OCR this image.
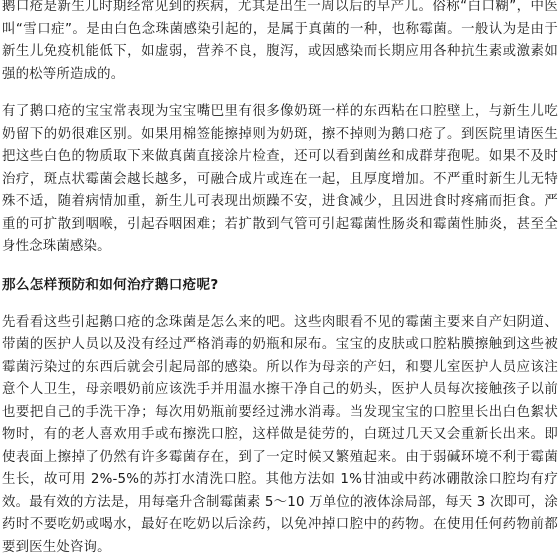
鹅口疮是新生儿时期经常见到的疾病，尤其是出生一周以后的早产儿。俗称“白口糊”，中医叫“雪口症”。是由白色念珠菌感染引起的，是属于真菌的一种，也称霉菌。一般认为是由于新生儿免疫机能低下，如虚弱，营养不良，腹泻，或因感染而长期应用各种抗生素或激素如强的松等所造成的。

有了鹅口疮的宝宝常表现为宝宝嘴巴里有很多像奶斑一样的东西粘在口腔壁上，与新生儿吃奶留下的奶很难区别。如果用棉签能擦掉则为奶斑，擦不掉则为鹅口疮了。到医院里请医生把这些白色的物质取下来做真菌直接涂片检查，还可以看到菌丝和成群芽孢呢。如果不及时治疗，斑点状霉菌会越长越多，可融合成片或连在一起，且厚度增加。不严重时新生儿无特殊不适，随着病情加重，新生儿可表现出烦躁不安，进食减少，且因进食时疼痛而拒食。严重的可扩散到咽喉，引起吞咽困难；若扩散到气管可引起霉菌性肠炎和霉菌性肺炎，甚至全身性念珠菌感染。

那么怎样预防和如何治疗鹅口疮呢?

先看看这些引起鹅口疮的念珠菌是怎么来的吧。这些肉眼看不见的霉菌主要来自产妇阴道、带菌的医护人员以及没有经过严格消毒的奶瓶和尿布。宝宝的皮肤或口腔粘膜擦触到这些被霉菌污染过的东西后就会引起局部的感染。所以作为母亲的产妇，和婴儿室医护人员应该注意个人卫生，母亲喂奶前应该洗手并用温水擦干净自己的奶头，医护人员每次接触孩子以前也要把自己的手洗干净；每次用奶瓶前要经过沸水消毒。当发现宝宝的口腔里长出白色絮状物时，有的老人喜欢用手或布擦洗口腔，这样做是徒劳的，白斑过几天又会重新长出来。即使表面上擦掉了仍然有许多霉菌存在，到了一定时候又繁殖起来。由于弱碱环境不利于霉菌生长，故可用 2%-5%的苏打水清洗口腔。其他方法如 1%甘油或中药冰硼散涂口腔均有疗效。最有效的方法是，用每毫升含制霉菌素 5～10 万单位的液体涂局部，每天 3 次即可，涂药时不要吃奶或喝水，最好在吃奶以后涂药，以免冲掉口腔中的药物。在使用任何药物前都要到医生处咨询。
